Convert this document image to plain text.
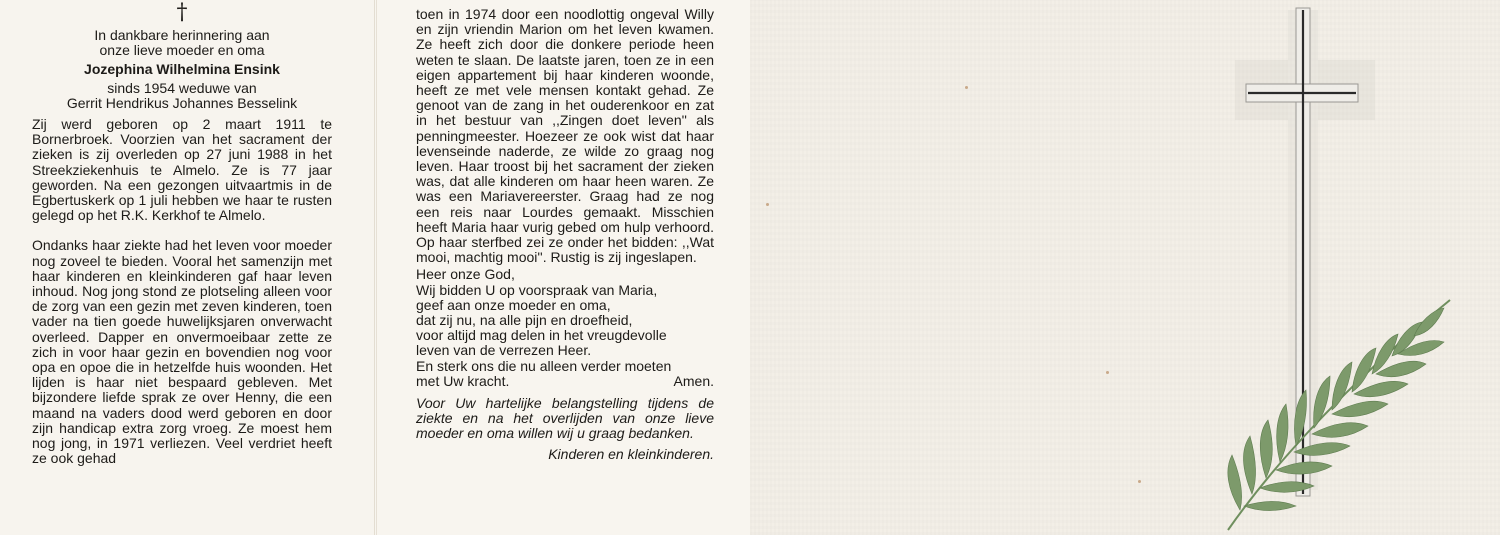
†
In dankbare herinnering aan
onze lieve moeder en oma
Jozephina Wilhelmina Ensink
sinds 1954 weduwe van
Gerrit Hendrikus Johannes Besselink

Zij werd geboren op 2 maart 1911 te Bornerbroek. Voorzien van het sacrament der zieken is zij overleden op 27 juni 1988 in het Streekziekenhuis te Almelo. Ze is 77 jaar geworden. Na een gezongen uitvaartmis in de Egbertuskerk op 1 juli hebben we haar te rusten gelegd op het R.K. Kerkhof te Almelo.

Ondanks haar ziekte had het leven voor moeder nog zoveel te bieden. Vooral het samenzijn met haar kinderen en kleinkinderen gaf haar leven inhoud. Nog jong stond ze plotseling alleen voor de zorg van een gezin met zeven kinderen, toen vader na tien goede huwelijksjaren onverwacht overleed. Dapper en onvermoeibaar zette ze zich in voor haar gezin en bovendien nog voor opa en opoe die in hetzelfde huis woonden. Het lijden is haar niet bespaard gebleven. Met bijzondere liefde sprak ze over Henny, die een maand na vaders dood werd geboren en door zijn handicap extra zorg vroeg. Ze moest hem nog jong, in 1971 verliezen. Veel verdriet heeft ze ook gehad

toen in 1974 door een noodlottig ongeval Willy en zijn vriendin Marion om het leven kwamen. Ze heeft zich door die donkere periode heen weten te slaan. De laatste jaren, toen ze in een eigen appartement bij haar kinderen woonde, heeft ze met vele mensen kontakt gehad. Ze genoot van de zang in het ouderenkoor en zat in het bestuur van ,,Zingen doet leven'' als penningmeester. Hoezeer ze ook wist dat haar levenseinde naderde, ze wilde zo graag nog leven. Haar troost bij het sacrament der zieken was, dat alle kinderen om haar heen waren. Ze was een Mariavereerster. Graag had ze nog een reis naar Lourdes gemaakt. Misschien heeft Maria haar vurig gebed om hulp verhoord. Op haar sterfbed zei ze onder het bidden: ,,Wat mooi, machtig mooi''. Rustig is zij ingeslapen.

Heer onze God,
Wij bidden U op voorspraak van Maria,
geef aan onze moeder en oma,
dat zij nu, na alle pijn en droefheid,
voor altijd mag delen in het vreugdevolle
leven van de verrezen Heer.
En sterk ons die nu alleen verder moeten
met Uw kracht.	Amen.

Voor Uw hartelijke belangstelling tijdens de ziekte en na het overlijden van onze lieve moeder en oma willen wij u graag bedanken.

Kinderen en kleinkinderen.
